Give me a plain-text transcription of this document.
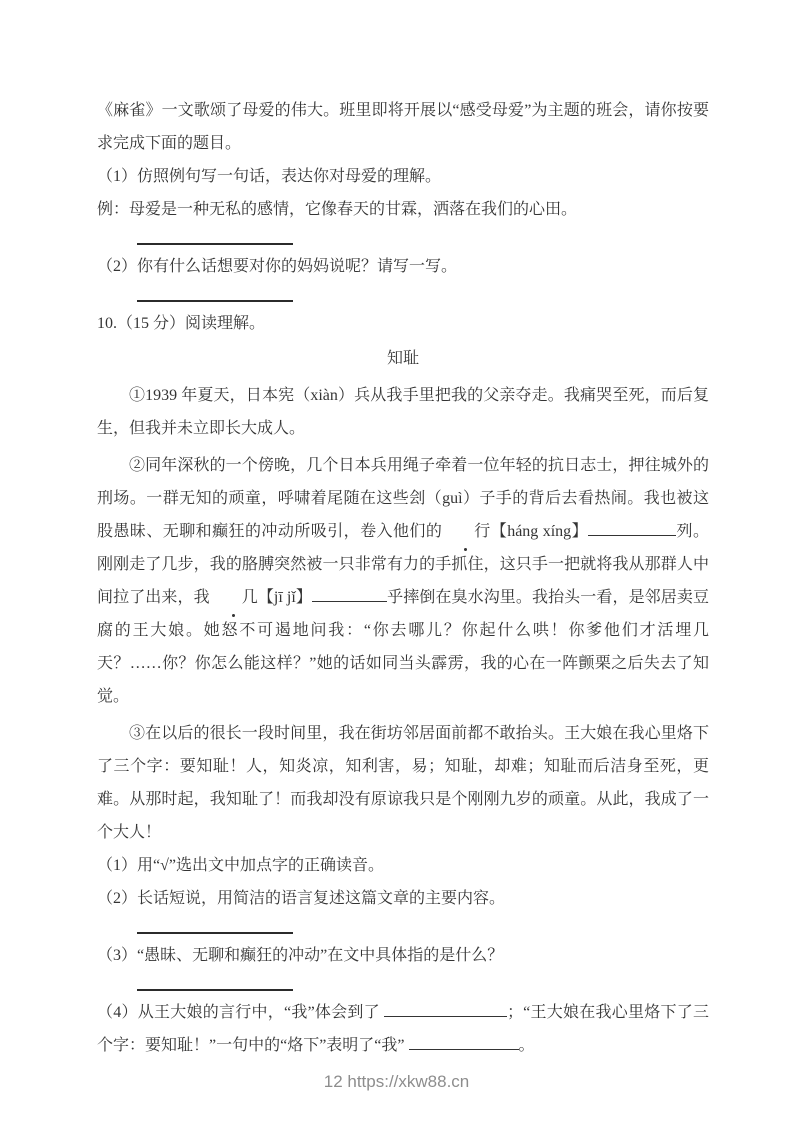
《麻雀》一文歌颂了母爱的伟大。班里即将开展以“感受母爱”为主题的班会，请你按要求完成下面的题目。

（1）仿照例句写一句话，表达你对母爱的理解。

例：母爱是一种无私的感情，它像春天的甘霖，洒落在我们的心田。

（2）你有什么话想要对你的妈妈说呢？请写一写。

10.（15 分）阅读理解。

知耻

①1939 年夏天，日本宪（xiàn）兵从我手里把我的父亲夺走。我痛哭至死，而后复生，但我并未立即长大成人。

②同年深秋的一个傍晚，几个日本兵用绳子牵着一位年轻的抗日志士，押往城外的刑场。一群无知的顽童，呼啸着尾随在这些刽（guì）子手的背后去看热闹。我也被这股愚昧、无聊和癫狂的冲动所吸引，卷入他们的 行【háng xíng】	列。刚刚走了几步，我的胳膊突然被一只非常有力的手抓住，这只手一把就将我从那群人中间拉了出来，我 几【jī jǐ】	乎摔倒在臭水沟里。我抬头一看，是邻居卖豆腐的王大娘。她怒不可遏地问我：“你去哪儿？你起什么哄！你爹他们才活埋几天？……你？你怎么能这样？”她的话如同当头霹雳，我的心在一阵颤栗之后失去了知觉。

③在以后的很长一段时间里，我在街坊邻居面前都不敢抬头。王大娘在我心里烙下了三个字：要知耻！人，知炎凉，知利害，易；知耻，却难；知耻而后洁身至死，更难。从那时起，我知耻了！而我却没有原谅我只是个刚刚九岁的顽童。从此，我成了一个大人！

（1）用“√”选出文中加点字的正确读音。

（2）长话短说，用简洁的语言复述这篇文章的主要内容。

（3）“愚昧、无聊和癫狂的冲动”在文中具体指的是什么？

（4）从王大娘的言行中，“我”体会到了	；“王大娘在我心里烙下了三个字：要知耻！”一句中的“烙下”表明了“我”	。

12 https://xkw88.cn
